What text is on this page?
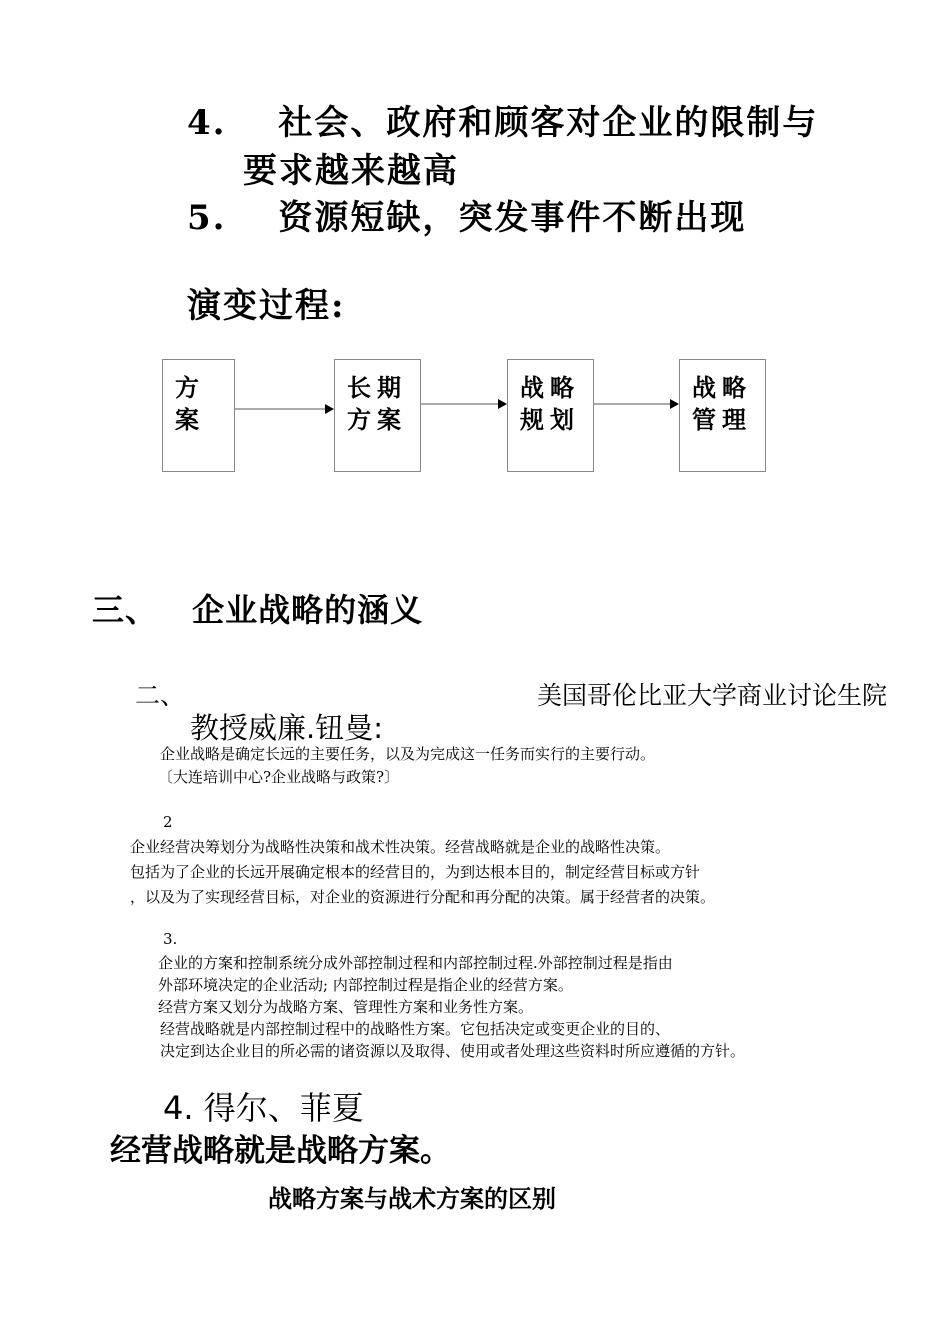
4. 社会、政府和顾客对企业的限制与
要求越来越高
5. 资源短缺，突发事件不断出现
演变过程:
方
案
长期
方案
战略
规划
战略
管理
三、 企业战略的涵义
二、	美国哥伦比亚大学商业讨论生院
教授威廉.钮曼:
企业战略是确定长远的主要任务，以及为完成这一任务而实行的主要行动。
〔大连培训中心?企业战略与政策?〕
2
企业经营决筹划分为战略性决策和战术性决策。经营战略就是企业的战略性决策。
包括为了企业的长远开展确定根本的经营目的，为到达根本目的，制定经营目标或方针
，以及为了实现经营目标，对企业的资源进行分配和再分配的决策。属于经营者的决策。
3.
企业的方案和控制系统分成外部控制过程和内部控制过程.外部控制过程是指由
外部环境决定的企业活动; 内部控制过程是指企业的经营方案。
经营方案又划分为战略方案、管理性方案和业务性方案。
经营战略就是内部控制过程中的战略性方案。它包括决定或变更企业的目的、
决定到达企业目的所必需的诸资源以及取得、使用或者处理这些资料时所应遵循的方针。
4. 得尔、菲夏
经营战略就是战略方案。
战略方案与战术方案的区别
